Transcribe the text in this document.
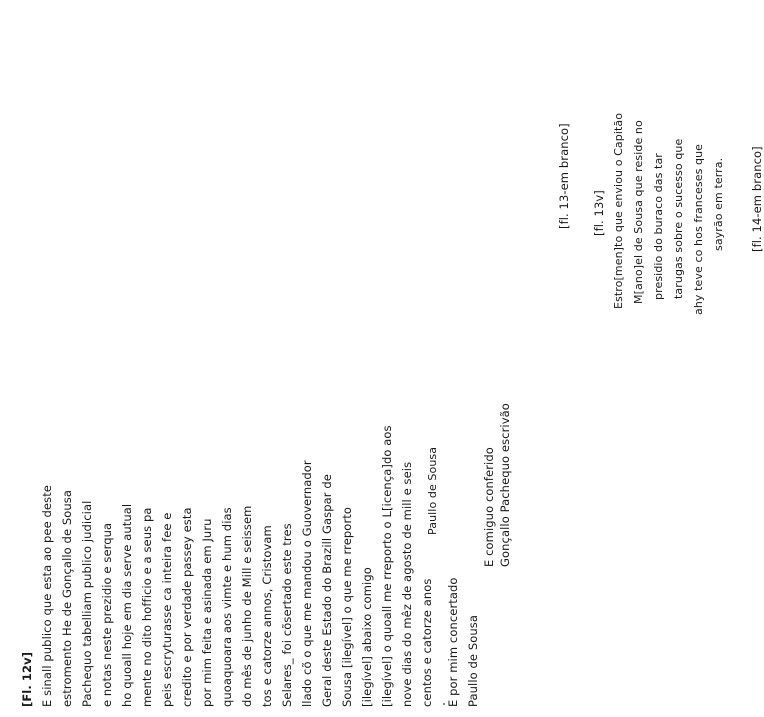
[Fl. 12v] E sinall publico que esta ao pee deste estromento He de Gonçallo de Sousa Pachequo tabelliam publico judicial e notas neste prezidio e serqua ho quoall hoje em dia serve autual mente no dito hofficio e a seus pa peis escryturasse ca inteira fee e credito e por verdade passey esta por mim feita e asinada em Juru quoaquoara aos vimte e hum dias do mês de junho de Mill e seissem tos e catorze annos, Cristovam Selares_ foi cõsertado este tres llado cõ o que me mandou o Guovernador Geral deste Estado do Brazill Gaspar de Sousa [ilegível] o que me rreporto [ilegível] abaixo comigo [ilegível] o quoall me rreporto o L[icença]do aos nove dias do mêz de agosto de mill e seis centos e catorze anos
Paullo de Sousa
E por mim concertado Paullo de Sousa
E comiguo conferido Gonçallo Pachequo escrivão
[fl. 13-em branco] [fl. 13v] Estro[men]to que enviou o Capitão M[ano]el de Sousa que reside no presidio do buraco das tar tarugas sobre o sucesso que ahy teve co hos franceses que sayrão em terra. [fl. 14-em branco]
